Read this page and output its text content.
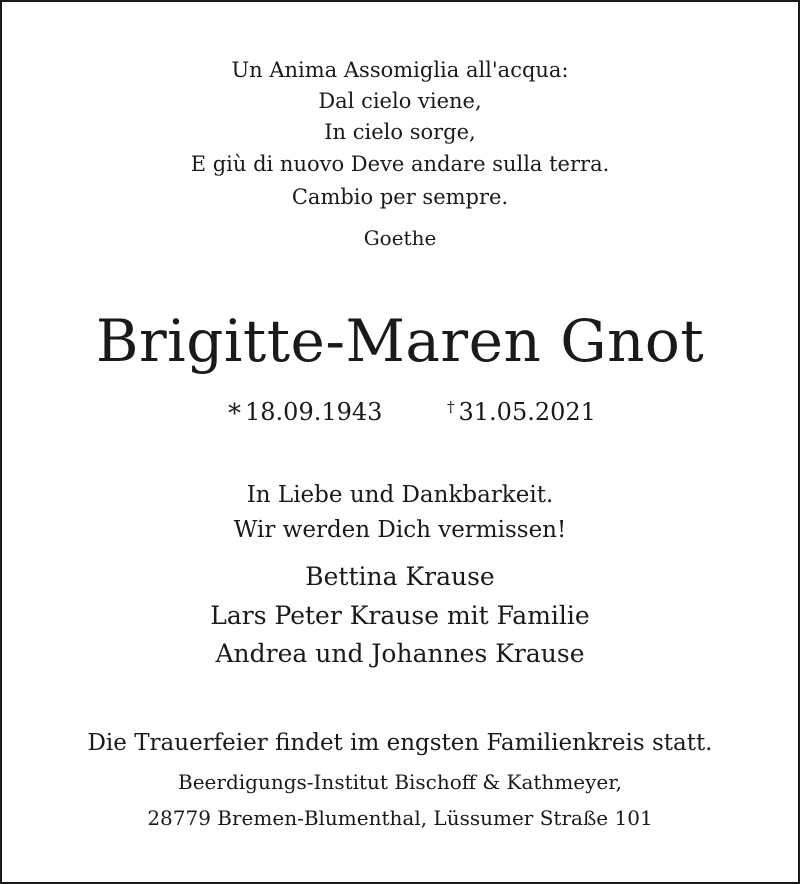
Un Anima Assomiglia all'acqua:
Dal cielo viene,
In cielo sorge,
E giù di nuovo Deve andare sulla terra.
Cambio per sempre.
Goethe
Brigitte-Maren Gnot
* 18.09.1943	† 31.05.2021
In Liebe und Dankbarkeit.
Wir werden Dich vermissen!
Bettina Krause
Lars Peter Krause mit Familie
Andrea und Johannes Krause
Die Trauerfeier findet im engsten Familienkreis statt.
Beerdigungs-Institut Bischoff & Kathmeyer,
28779 Bremen-Blumenthal, Lüssumer Straße 101
